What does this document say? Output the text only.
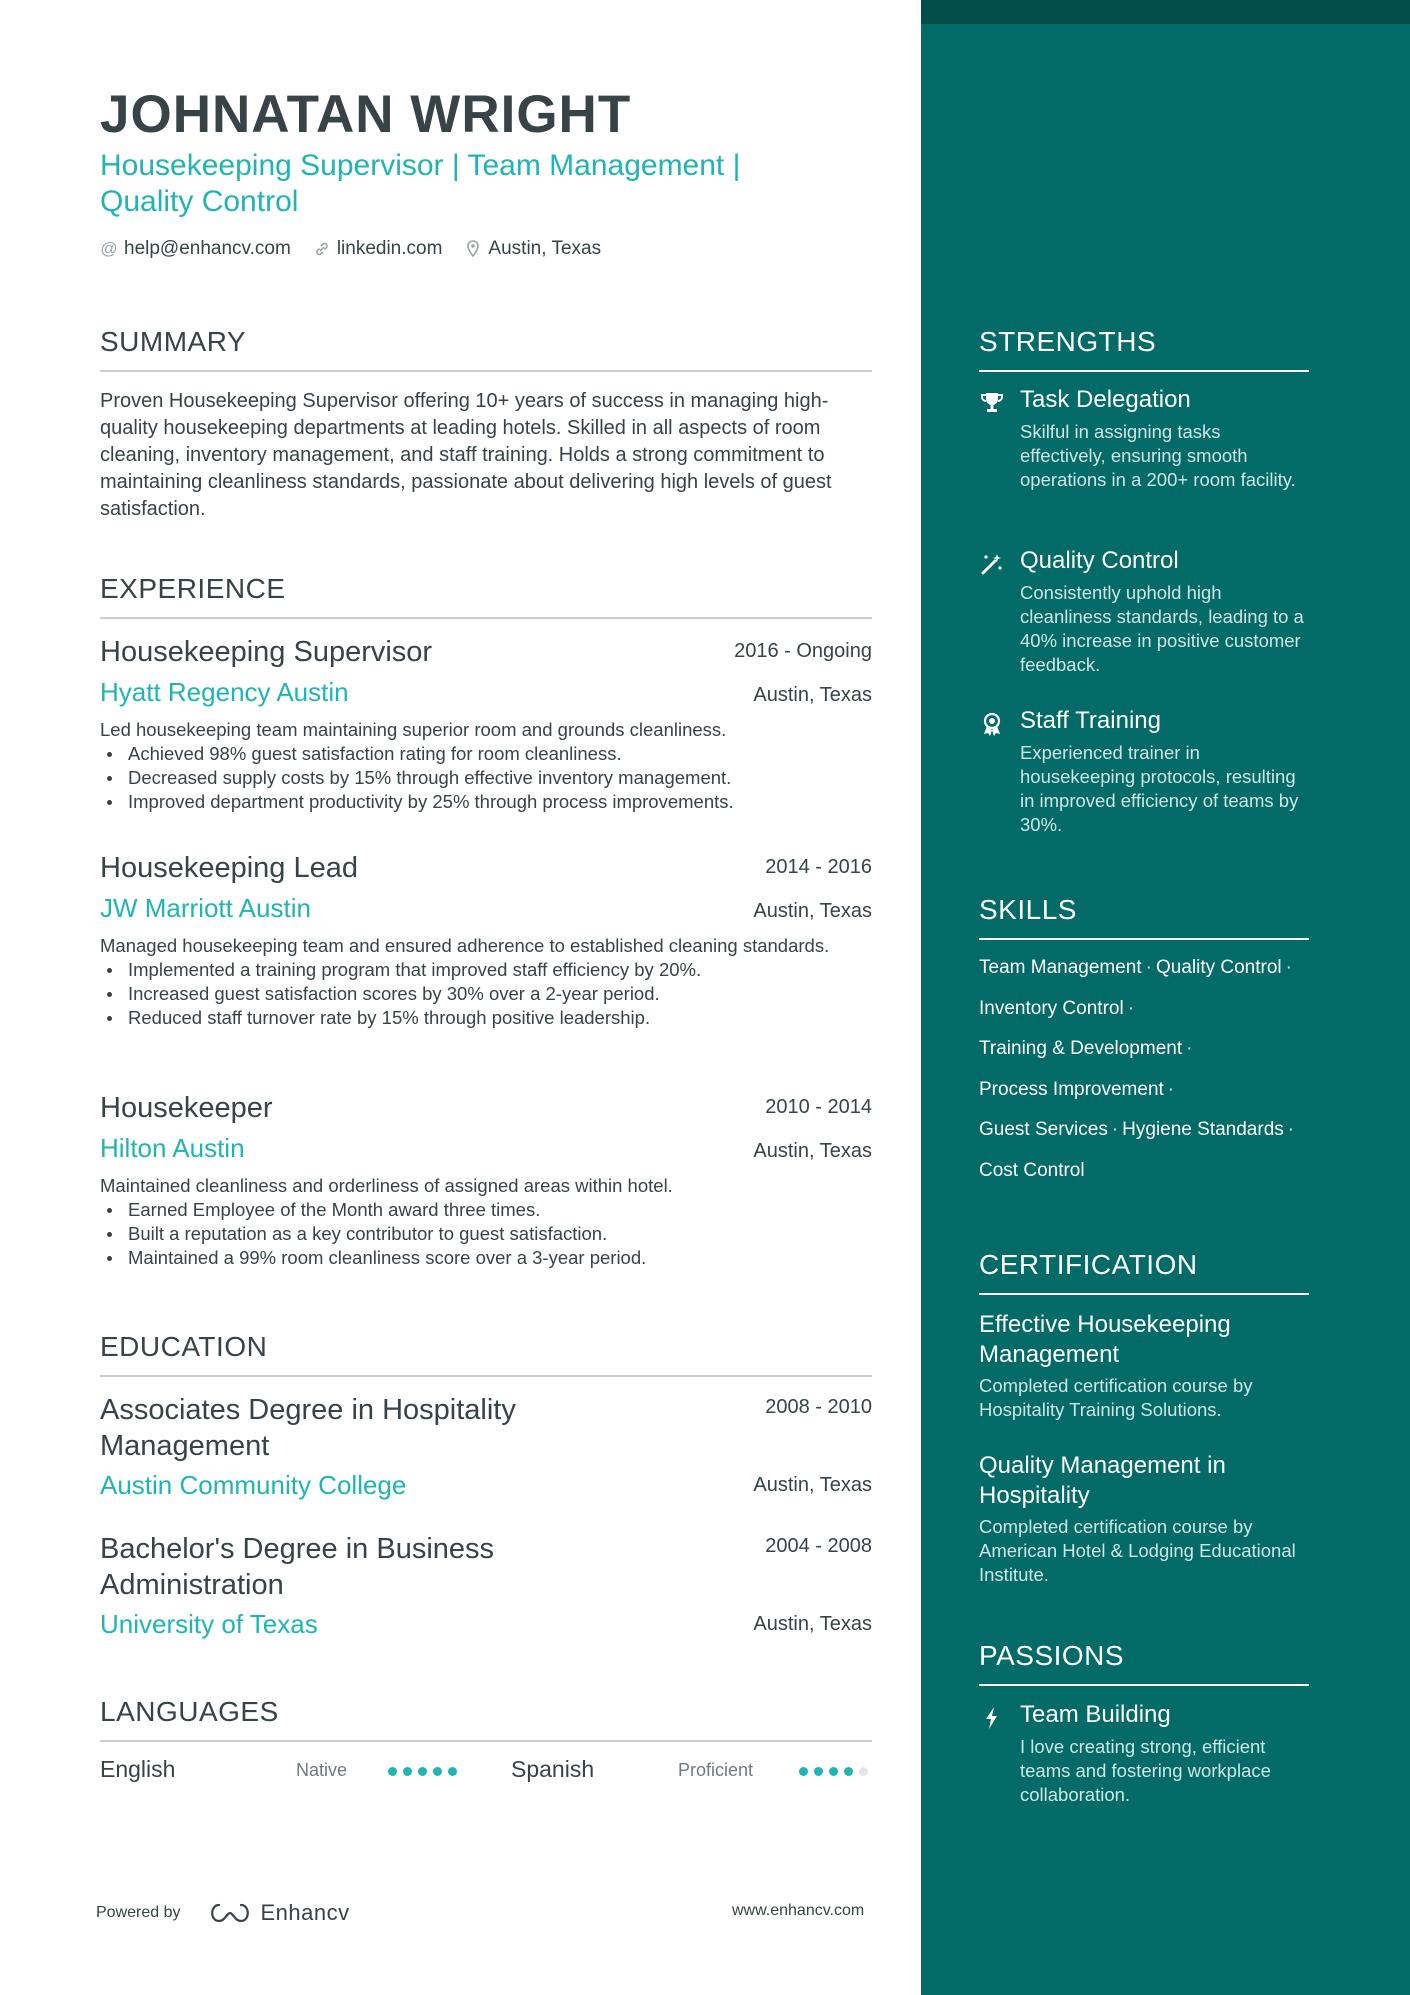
JOHNATAN WRIGHT
Housekeeping Supervisor | Team Management | Quality Control
@ help@enhancv.com linkedin.com Austin, Texas
SUMMARY
Proven Housekeeping Supervisor offering 10+ years of success in managing high-quality housekeeping departments at leading hotels. Skilled in all aspects of room cleaning, inventory management, and staff training. Holds a strong commitment to maintaining cleanliness standards, passionate about delivering high levels of guest satisfaction.
EXPERIENCE
Housekeeping Supervisor	2016 - Ongoing
Hyatt Regency Austin	Austin, Texas
Led housekeeping team maintaining superior room and grounds cleanliness.
Achieved 98% guest satisfaction rating for room cleanliness.
Decreased supply costs by 15% through effective inventory management.
Improved department productivity by 25% through process improvements.
Housekeeping Lead	2014 - 2016
JW Marriott Austin	Austin, Texas
Managed housekeeping team and ensured adherence to established cleaning standards.
Implemented a training program that improved staff efficiency by 20%.
Increased guest satisfaction scores by 30% over a 2-year period.
Reduced staff turnover rate by 15% through positive leadership.
Housekeeper	2010 - 2014
Hilton Austin	Austin, Texas
Maintained cleanliness and orderliness of assigned areas within hotel.
Earned Employee of the Month award three times.
Built a reputation as a key contributor to guest satisfaction.
Maintained a 99% room cleanliness score over a 3-year period.
EDUCATION
Associates Degree in Hospitality Management
2008 - 2010
Austin Community College	Austin, Texas
Bachelor's Degree in Business Administration
2004 - 2008
University of Texas	Austin, Texas
LANGUAGES
English	Native	Spanish	Proficient
Powered by	Enhancv	www.enhancv.com
STRENGTHS
Task Delegation
Skilful in assigning tasks effectively, ensuring smooth operations in a 200+ room facility.
Quality Control
Consistently uphold high cleanliness standards, leading to a 40% increase in positive customer feedback.
Staff Training
Experienced trainer in housekeeping protocols, resulting in improved efficiency of teams by 30%.
SKILLS
Team Management · Quality Control ·
Inventory Control ·
Training & Development ·
Process Improvement ·
Guest Services · Hygiene Standards ·
Cost Control
CERTIFICATION
Effective Housekeeping Management
Completed certification course by Hospitality Training Solutions.
Quality Management in Hospitality
Completed certification course by American Hotel & Lodging Educational Institute.
PASSIONS
Team Building
I love creating strong, efficient teams and fostering workplace collaboration.
